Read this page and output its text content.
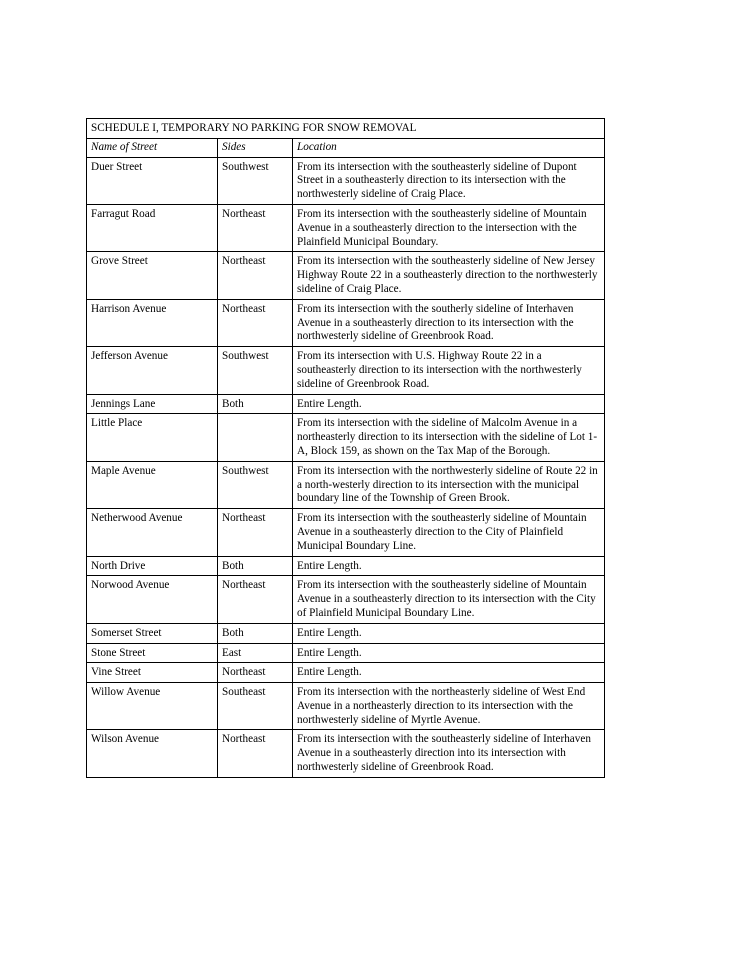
SCHEDULE I, TEMPORARY NO PARKING FOR SNOW REMOVAL		
Name of Street	Sides	Location
Duer Street	Southwest	From its intersection with the southeasterly sideline of Dupont Street in a southeasterly direction to its intersection with the northwesterly sideline of Craig Place.
Farragut Road	Northeast	From its intersection with the southeasterly sideline of Mountain Avenue in a southeasterly direction to the intersection with the Plainfield Municipal Boundary.
Grove Street	Northeast	From its intersection with the southeasterly sideline of New Jersey Highway Route 22 in a southeasterly direction to the northwesterly sideline of Craig Place.
Harrison Avenue	Northeast	From its intersection with the southerly sideline of Interhaven Avenue in a southeasterly direction to its intersection with the northwesterly sideline of Greenbrook Road.
Jefferson Avenue	Southwest	From its intersection with U.S. Highway Route 22 in a southeasterly direction to its intersection with the northwesterly sideline of Greenbrook Road.
Jennings Lane	Both	Entire Length.
Little Place		From its intersection with the sideline of Malcolm Avenue in a northeasterly direction to its intersection with the sideline of Lot 1-A, Block 159, as shown on the Tax Map of the Borough.
Maple Avenue	Southwest	From its intersection with the northwesterly sideline of Route 22 in a north-westerly direction to its intersection with the municipal boundary line of the Township of Green Brook.
Netherwood Avenue	Northeast	From its intersection with the southeasterly sideline of Mountain Avenue in a southeasterly direction to the City of Plainfield Municipal Boundary Line.
North Drive	Both	Entire Length.
Norwood Avenue	Northeast	From its intersection with the southeasterly sideline of Mountain Avenue in a southeasterly direction to its intersection with the City of Plainfield Municipal Boundary Line.
Somerset Street	Both	Entire Length.
Stone Street	East	Entire Length.
Vine Street	Northeast	Entire Length.
Willow Avenue	Southeast	From its intersection with the northeasterly sideline of West End Avenue in a northeasterly direction to its intersection with the northwesterly sideline of Myrtle Avenue.
Wilson Avenue	Northeast	From its intersection with the southeasterly sideline of Interhaven Avenue in a southeasterly direction into its intersection with northwesterly sideline of Greenbrook Road.
